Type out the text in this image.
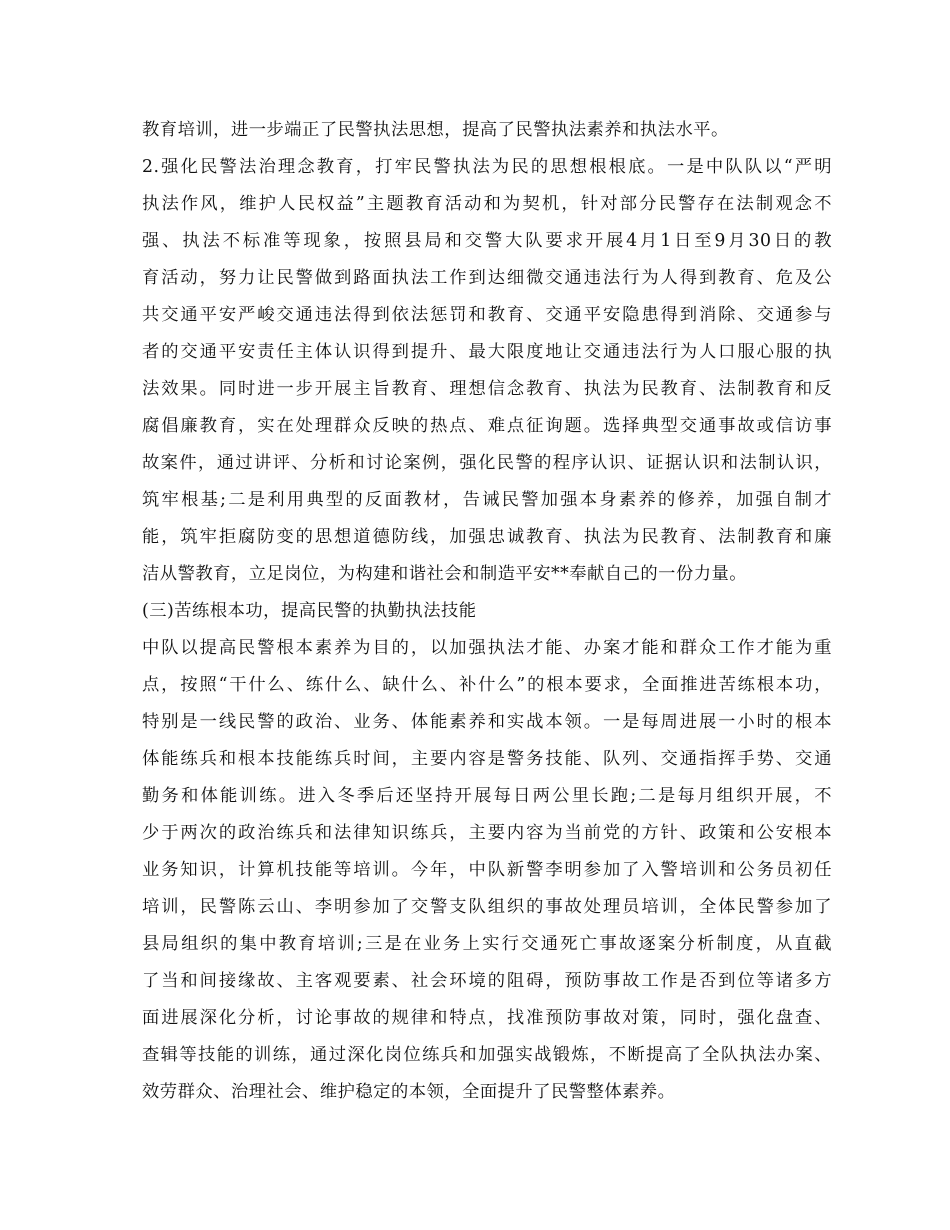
教育培训，进一步端正了民警执法思想，提高了民警执法素养和执法水平。
2.强化民警法治理念教育，打牢民警执法为民的思想根根底。一是中队队以“严明
执法作风，维护人民权益”主题教育活动和为契机，针对部分民警存在法制观念不
强、执法不标准等现象，按照县局和交警大队要求开展4月1日至9月30日的教
育活动，努力让民警做到路面执法工作到达细微交通违法行为人得到教育、危及公
共交通平安严峻交通违法得到依法惩罚和教育、交通平安隐患得到消除、交通参与
者的交通平安责任主体认识得到提升、最大限度地让交通违法行为人口服心服的执
法效果。同时进一步开展主旨教育、理想信念教育、执法为民教育、法制教育和反
腐倡廉教育，实在处理群众反映的热点、难点征询题。选择典型交通事故或信访事
故案件，通过讲评、分析和讨论案例，强化民警的程序认识、证据认识和法制认识，
筑牢根基;二是利用典型的反面教材，告诫民警加强本身素养的修养，加强自制才
能，筑牢拒腐防变的思想道德防线，加强忠诚教育、执法为民教育、法制教育和廉
洁从警教育，立足岗位，为构建和谐社会和制造平安**奉献自己的一份力量。
(三)苦练根本功，提高民警的执勤执法技能
中队以提高民警根本素养为目的，以加强执法才能、办案才能和群众工作才能为重
点，按照“干什么、练什么、缺什么、补什么”的根本要求，全面推进苦练根本功，
特别是一线民警的政治、业务、体能素养和实战本领。一是每周进展一小时的根本
体能练兵和根本技能练兵时间，主要内容是警务技能、队列、交通指挥手势、交通
勤务和体能训练。进入冬季后还坚持开展每日两公里长跑;二是每月组织开展，不
少于两次的政治练兵和法律知识练兵，主要内容为当前党的方针、政策和公安根本
业务知识，计算机技能等培训。今年，中队新警李明参加了入警培训和公务员初任
培训，民警陈云山、李明参加了交警支队组织的事故处理员培训，全体民警参加了
县局组织的集中教育培训;三是在业务上实行交通死亡事故逐案分析制度，从直截
了当和间接缘故、主客观要素、社会环境的阻碍，预防事故工作是否到位等诸多方
面进展深化分析，讨论事故的规律和特点，找准预防事故对策，同时，强化盘查、
查辑等技能的训练，通过深化岗位练兵和加强实战锻炼，不断提高了全队执法办案、
效劳群众、治理社会、维护稳定的本领，全面提升了民警整体素养。
